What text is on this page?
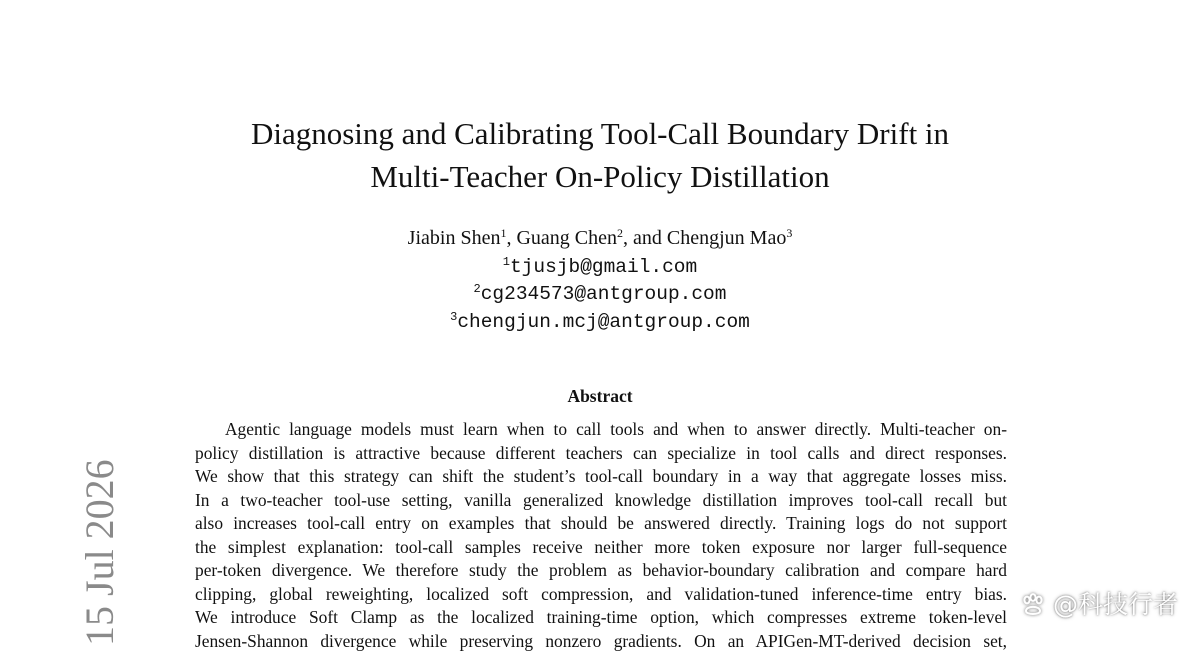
Diagnosing and Calibrating Tool-Call Boundary Drift in
Multi-Teacher On-Policy Distillation
Jiabin Shen$^1$, Guang Chen$^2$, and Chengjun Mao$^3$
$^1$tjusjb@gmail.com
$^2$cg234573@antgroup.com
$^3$chengjun.mcj@antgroup.com
Abstract
Agentic language models must learn when to call tools and when to answer directly. Multi-teacher on-
policy distillation is attractive because different teachers can specialize in tool calls and direct responses.
We show that this strategy can shift the student’s tool-call boundary in a way that aggregate losses miss.
In a two-teacher tool-use setting, vanilla generalized knowledge distillation improves tool-call recall but
also increases tool-call entry on examples that should be answered directly. Training logs do not support
the simplest explanation: tool-call samples receive neither more token exposure nor larger full-sequence
per-token divergence. We therefore study the problem as behavior-boundary calibration and compare hard
clipping, global reweighting, localized soft compression, and validation-tuned inference-time entry bias.
We introduce Soft Clamp as the localized training-time option, which compresses extreme token-level
Jensen-Shannon divergence while preserving nonzero gradients. On an APIGen-MT-derived decision set,
15 Jul 2026	@科技行者
